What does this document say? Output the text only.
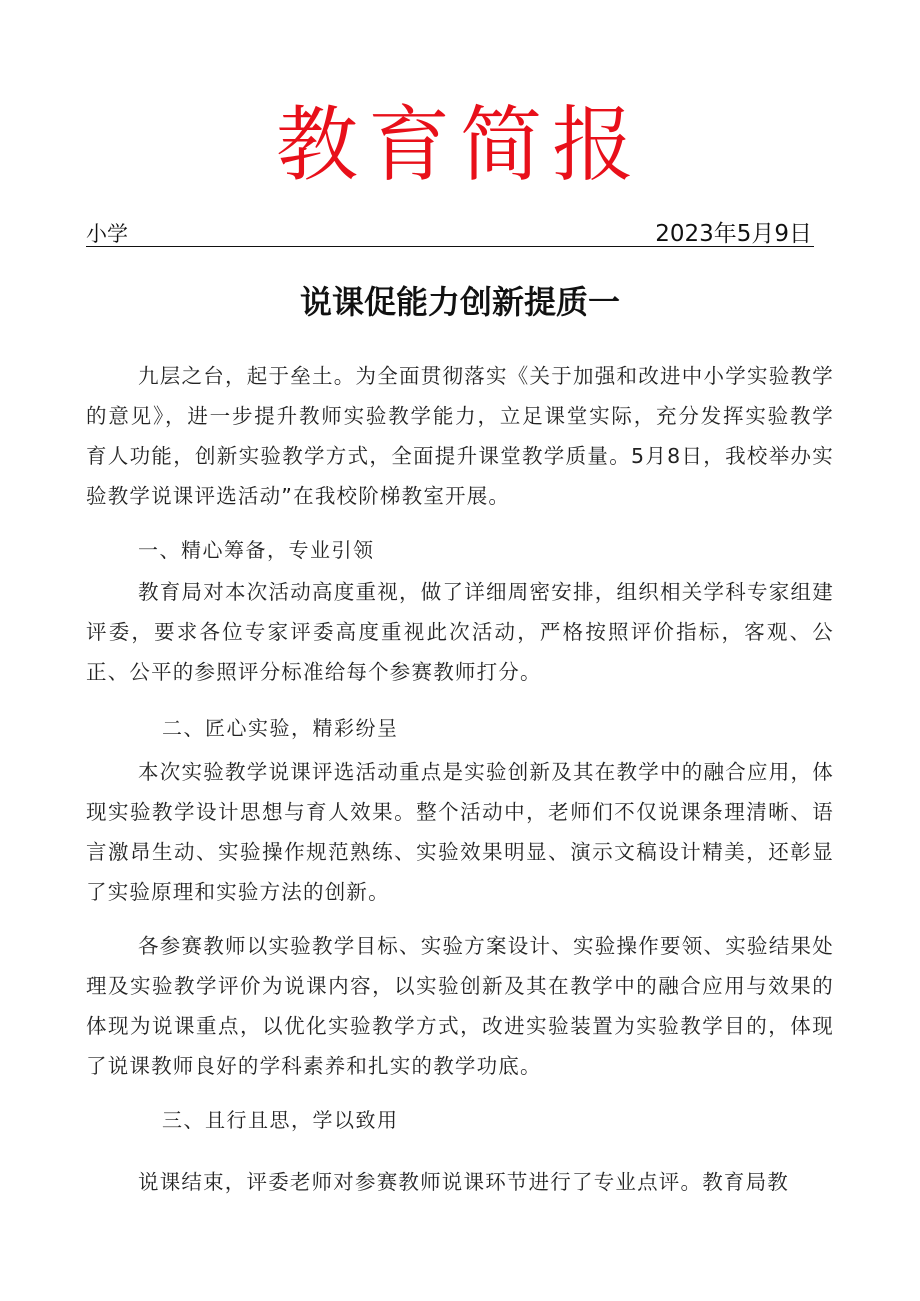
教育简报
小学	2023年5月9日
说课促能力创新提质一

九层之台，起于垒土。为全面贯彻落实《关于加强和改进中小学实验教学的意见》，进一步提升教师实验教学能力，立足课堂实际，充分发挥实验教学育人功能，创新实验教学方式，全面提升课堂教学质量。5月8日，我校举办实验教学说课评选活动”在我校阶梯教室开展。

一、精心筹备，专业引领

教育局对本次活动高度重视，做了详细周密安排，组织相关学科专家组建评委，要求各位专家评委高度重视此次活动，严格按照评价指标，客观、公正、公平的参照评分标准给每个参赛教师打分。

二、匠心实验，精彩纷呈

本次实验教学说课评选活动重点是实验创新及其在教学中的融合应用，体现实验教学设计思想与育人效果。整个活动中，老师们不仅说课条理清晰、语言激昂生动、实验操作规范熟练、实验效果明显、演示文稿设计精美，还彰显了实验原理和实验方法的创新。

各参赛教师以实验教学目标、实验方案设计、实验操作要领、实验结果处理及实验教学评价为说课内容，以实验创新及其在教学中的融合应用与效果的体现为说课重点，以优化实验教学方式，改进实验装置为实验教学目的，体现了说课教师良好的学科素养和扎实的教学功底。

三、且行且思，学以致用

说课结束，评委老师对参赛教师说课环节进行了专业点评。教育局教
